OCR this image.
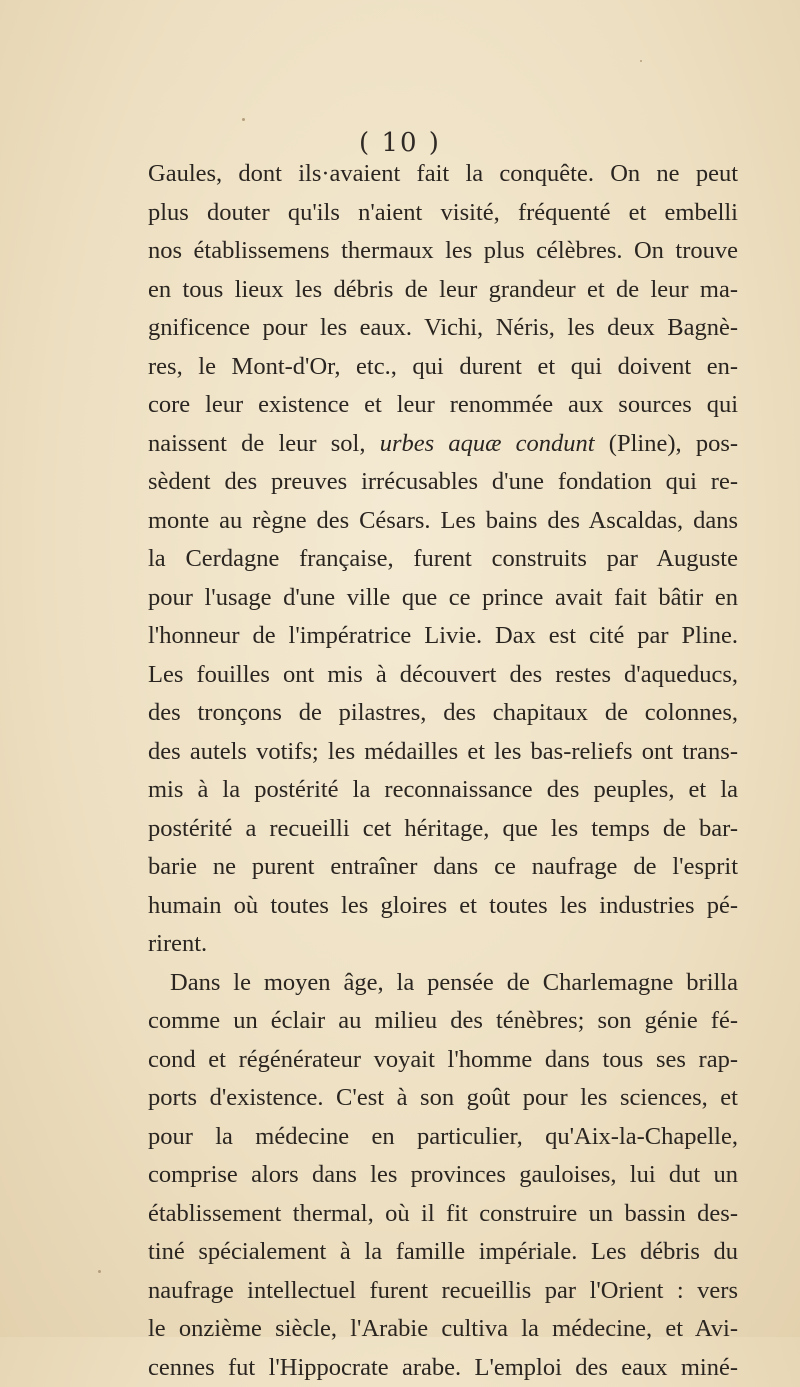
( 10 )
Gaules, dont ils·avaient fait la conquête. On ne peut
plus douter qu'ils n'aient visité, fréquenté et embelli
nos établissemens thermaux les plus célèbres. On trouve
en tous lieux les débris de leur grandeur et de leur ma-
gnificence pour les eaux. Vichi, Néris, les deux Bagnè-
res, le Mont-d'Or, etc., qui durent et qui doivent en-
core leur existence et leur renommée aux sources qui
naissent de leur sol, urbes aquæ condunt (Pline), pos-
sèdent des preuves irrécusables d'une fondation qui re-
monte au règne des Césars. Les bains des Ascaldas, dans
la Cerdagne française, furent construits par Auguste
pour l'usage d'une ville que ce prince avait fait bâtir en
l'honneur de l'impératrice Livie. Dax est cité par Pline.
Les fouilles ont mis à découvert des restes d'aqueducs,
des tronçons de pilastres, des chapitaux de colonnes,
des autels votifs; les médailles et les bas-reliefs ont trans-
mis à la postérité la reconnaissance des peuples, et la
postérité a recueilli cet héritage, que les temps de bar-
barie ne purent entraîner dans ce naufrage de l'esprit
humain où toutes les gloires et toutes les industries pé-
rirent.
Dans le moyen âge, la pensée de Charlemagne brilla
comme un éclair au milieu des ténèbres; son génie fé-
cond et régénérateur voyait l'homme dans tous ses rap-
ports d'existence. C'est à son goût pour les sciences, et
pour la médecine en particulier, qu'Aix-la-Chapelle,
comprise alors dans les provinces gauloises, lui dut un
établissement thermal, où il fit construire un bassin des-
tiné spécialement à la famille impériale. Les débris du
naufrage intellectuel furent recueillis par l'Orient : vers
le onzième siècle, l'Arabie cultiva la médecine, et Avi-
cennes fut l'Hippocrate arabe. L'emploi des eaux miné-
